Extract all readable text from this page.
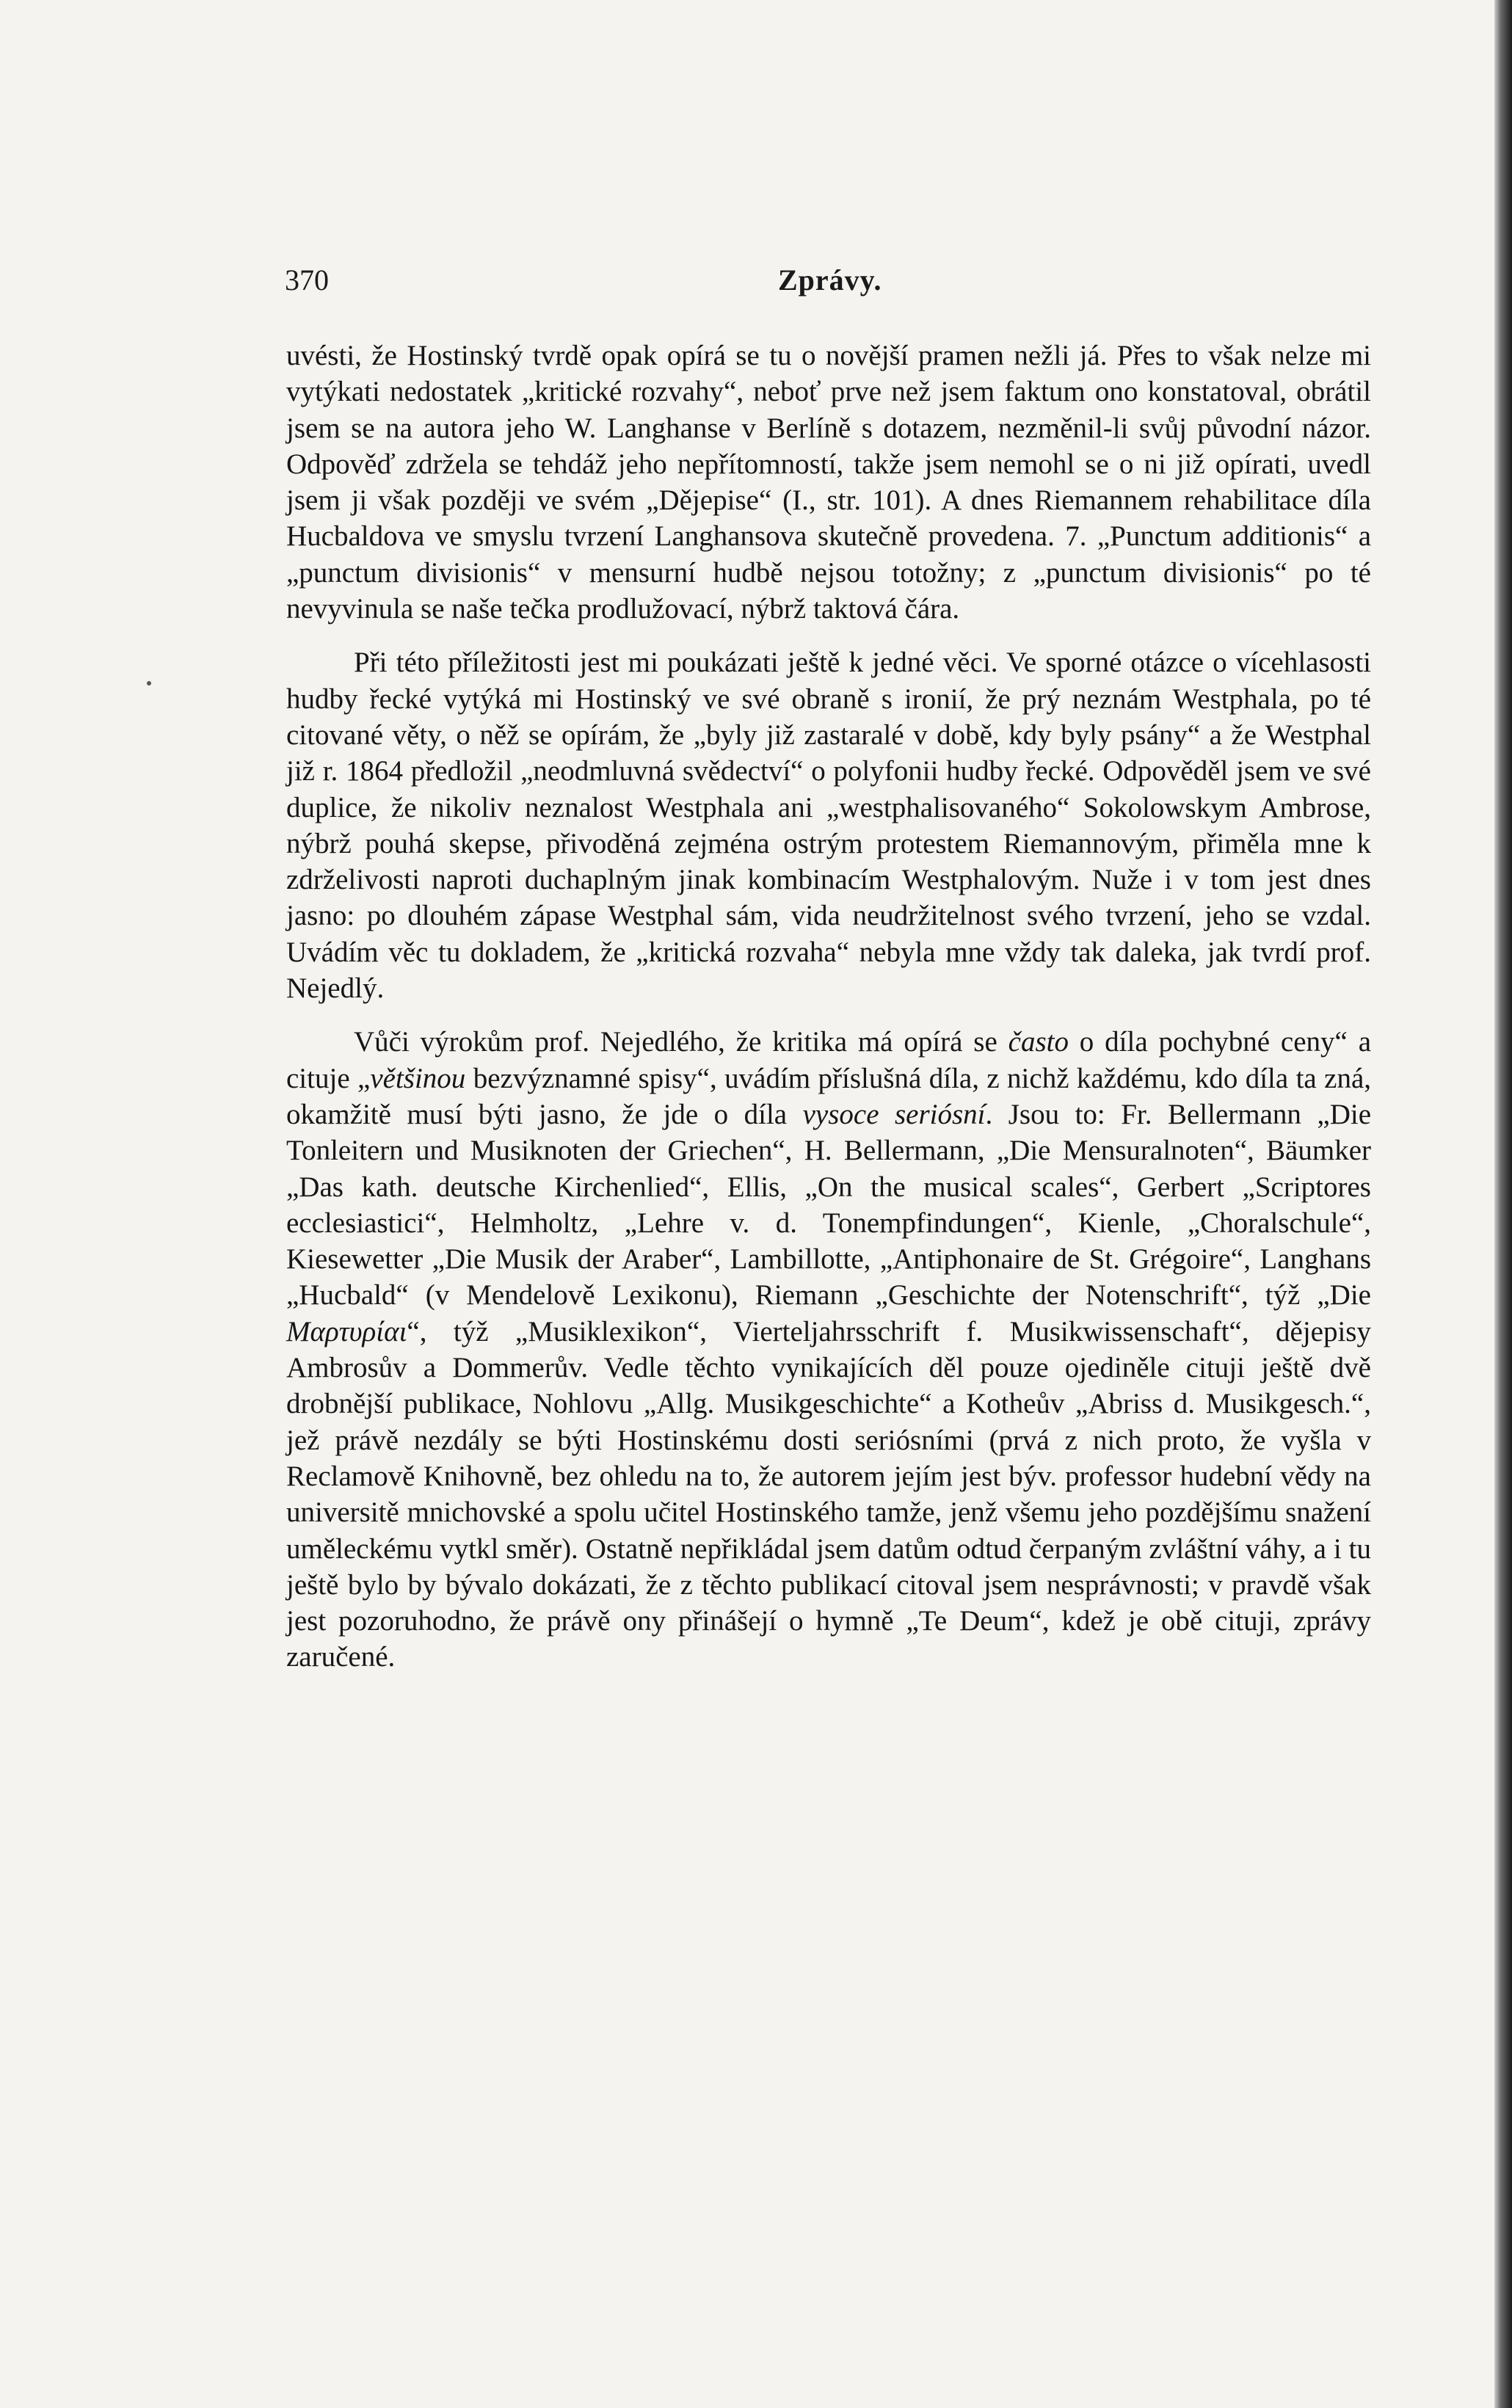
370	Zprávy.

uvésti, že Hostinský tvrdě opak opírá se tu o novější pramen nežli já. Přes to však nelze mi vytýkati nedostatek „kritické rozvahy“, neboť prve než jsem faktum ono konstatoval, obrátil jsem se na autora jeho W. Langhanse v Berlíně s dotazem, nezměnil-li svůj původní názor. Odpověď zdržela se tehdáž jeho nepřítomností, takže jsem nemohl se o ni již opírati, uvedl jsem ji však později ve svém „Dějepise“ (I., str. 101). A dnes Riemannem rehabilitace díla Hucbaldova ve smyslu tvrzení Langhansova skutečně provedena. 7. „Punctum additionis“ a „punctum divisionis“ v mensurní hudbě nejsou totožny; z „punctum divisionis“ po té nevyvinula se naše tečka prodlužovací, nýbrž taktová čára.

Při této příležitosti jest mi poukázati ještě k jedné věci. Ve sporné otázce o vícehlasosti hudby řecké vytýká mi Hostinský ve své obraně s ironií, že prý neznám Westphala, po té citované věty, o něž se opírám, že „byly již zastaralé v době, kdy byly psány“ a že Westphal již r. 1864 předložil „neodmluvná svědectví“ o polyfonii hudby řecké. Odpověděl jsem ve své duplice, že nikoliv neznalost Westphala ani „westphalisovaného“ Sokolowskym Ambrose, nýbrž pouhá skepse, přivoděná zejména ostrým protestem Riemannovým, přiměla mne k zdrželivosti naproti duchaplným jinak kombinacím Westphalovým. Nuže i v tom jest dnes jasno: po dlouhém zápase Westphal sám, vida neudržitelnost svého tvrzení, jeho se vzdal. Uvádím věc tu dokladem, že „kritická rozvaha“ nebyla mne vždy tak daleka, jak tvrdí prof. Nejedlý.

Vůči výrokům prof. Nejedlého, že kritika má opírá se často o díla pochybné ceny“ a cituje „většinou bezvýznamné spisy“, uvádím příslušná díla, z nichž každému, kdo díla ta zná, okamžitě musí býti jasno, že jde o díla vysoce seriósní. Jsou to: Fr. Bellermann „Die Tonleitern und Musiknoten der Griechen“, H. Bellermann, „Die Mensuralnoten“, Bäumker „Das kath. deutsche Kirchenlied“, Ellis, „On the musical scales“, Gerbert „Scriptores ecclesiastici“, Helmholtz, „Lehre v. d. Tonempfindungen“, Kienle, „Choralschule“, Kiesewetter „Die Musik der Araber“, Lambillotte, „Antiphonaire de St. Grégoire“, Langhans „Hucbald“ (v Mendelově Lexikonu), Riemann „Geschichte der Notenschrift“, týž „Die Μαρτυρίαι“, týž „Musiklexikon“, Vierteljahrsschrift f. Musikwissenschaft“, dějepisy Ambrosův a Dommerův. Vedle těchto vynikajících děl pouze ojediněle cituji ještě dvě drobnější publikace, Nohlovu „Allg. Musikgeschichte“ a Kotheův „Abriss d. Musikgesch.“, jež právě nezdály se býti Hostinskému dosti seriósními (prvá z nich proto, že vyšla v Reclamově Knihovně, bez ohledu na to, že autorem jejím jest býv. professor hudební vědy na universitě mnichovské a spolu učitel Hostinského tamže, jenž všemu jeho pozdějšímu snažení uměleckému vytkl směr). Ostatně nepřikládal jsem datům odtud čerpaným zvláštní váhy, a i tu ještě bylo by bývalo dokázati, že z těchto publikací citoval jsem nesprávnosti; v pravdě však jest pozoruhodno, že právě ony přinášejí o hymně „Te Deum“, kdež je obě cituji, zprávy zaručené.
